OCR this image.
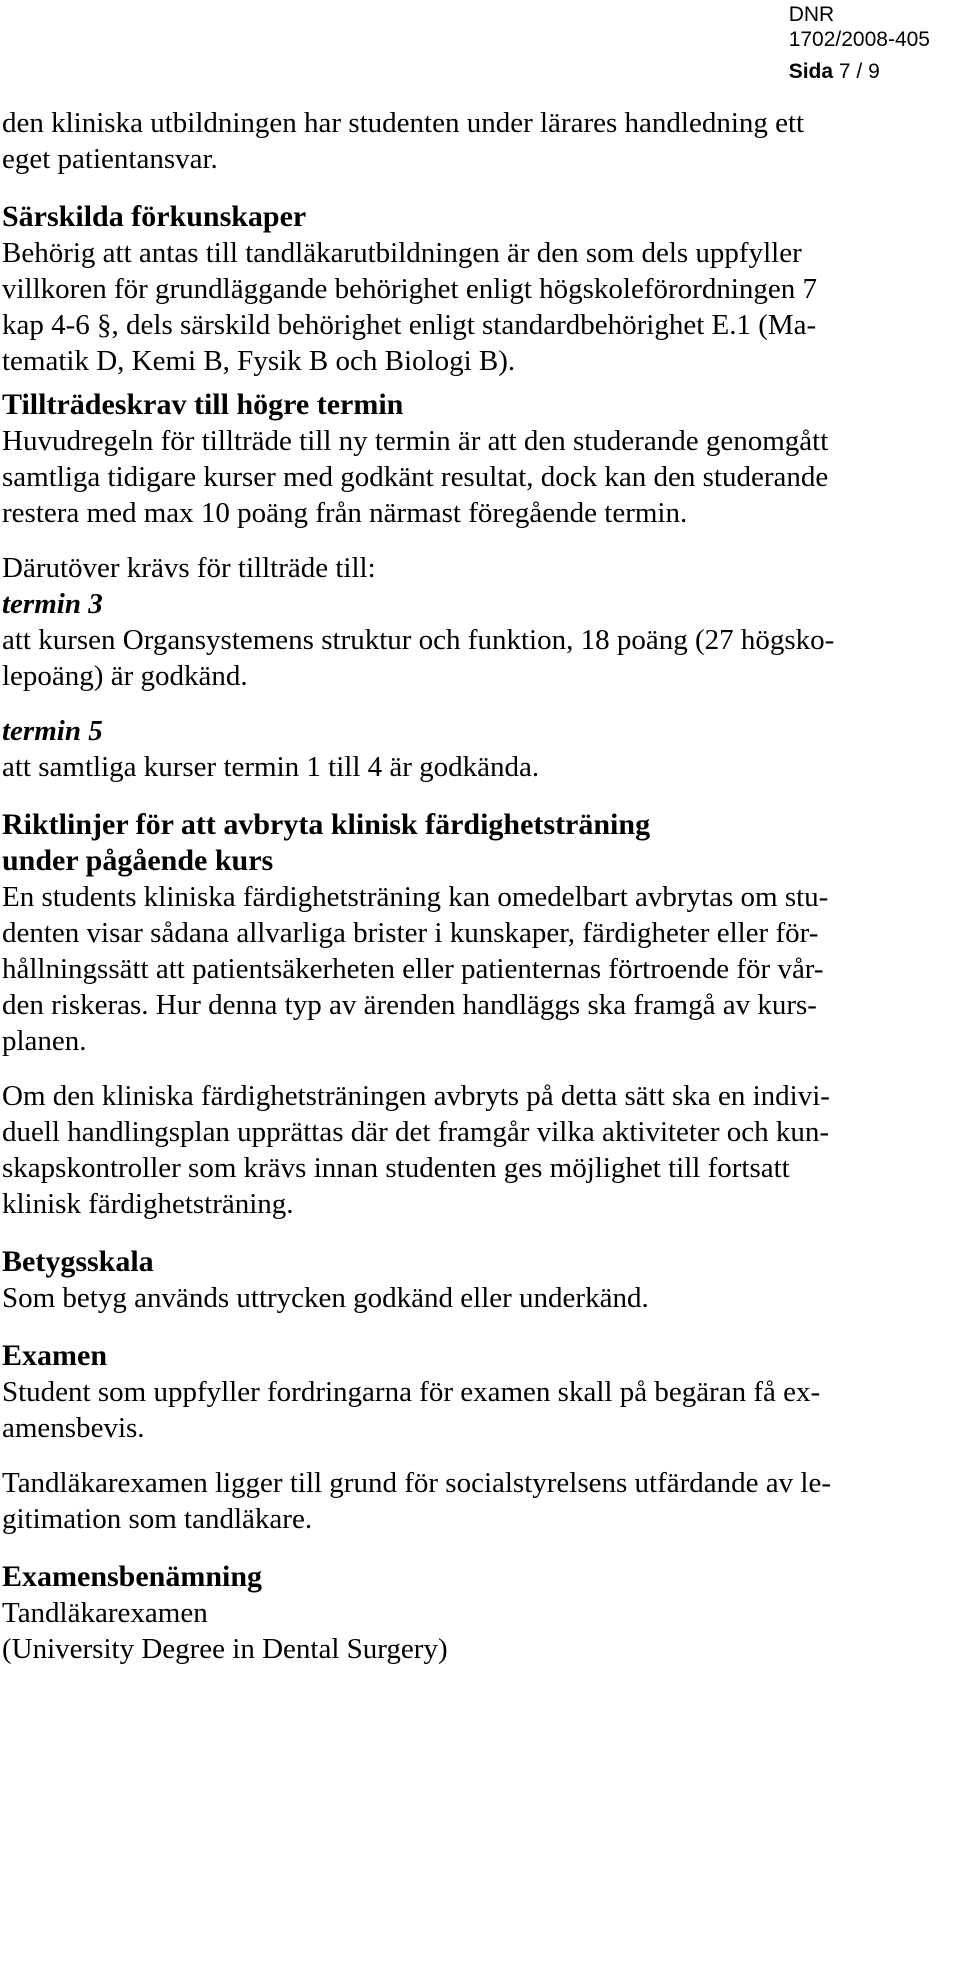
DNR
1702/2008-405
Sida 7 / 9

den kliniska utbildningen har studenten under lärares handledning ett

eget patientansvar.

Särskilda förkunskaper

Behörig att antas till tandläkarutbildningen är den som dels uppfyller

villkoren för grundläggande behörighet enligt högskoleförordningen 7

kap 4-6 §, dels särskild behörighet enligt standardbehörighet E.1 (Ma-

tematik D, Kemi B, Fysik B och Biologi B).

Tillträdeskrav till högre termin

Huvudregeln för tillträde till ny termin är att den studerande genomgått

samtliga tidigare kurser med godkänt resultat, dock kan den studerande

restera med max 10 poäng från närmast föregående termin.

Därutöver krävs för tillträde till:

termin 3

att kursen Organsystemens struktur och funktion, 18 poäng (27 högsko-

lepoäng) är godkänd.

termin 5

att samtliga kurser termin 1 till 4 är godkända.

Riktlinjer för att avbryta klinisk färdighetsträning

under pågående kurs

En students kliniska färdighetsträning kan omedelbart avbrytas om stu-

denten visar sådana allvarliga brister i kunskaper, färdigheter eller för-

hållningssätt att patientsäkerheten eller patienternas förtroende för vår-

den riskeras. Hur denna typ av ärenden handläggs ska framgå av kurs-

planen.

Om den kliniska färdighetsträningen avbryts på detta sätt ska en indivi-

duell handlingsplan upprättas där det framgår vilka aktiviteter och kun-

skapskontroller som krävs innan studenten ges möjlighet till fortsatt

klinisk färdighetsträning.

Betygsskala

Som betyg används uttrycken godkänd eller underkänd.

Examen

Student som uppfyller fordringarna för examen skall på begäran få ex-

amensbevis.

Tandläkarexamen ligger till grund för socialstyrelsens utfärdande av le-

gitimation som tandläkare.

Examensbenämning

Tandläkarexamen

(University Degree in Dental Surgery)
